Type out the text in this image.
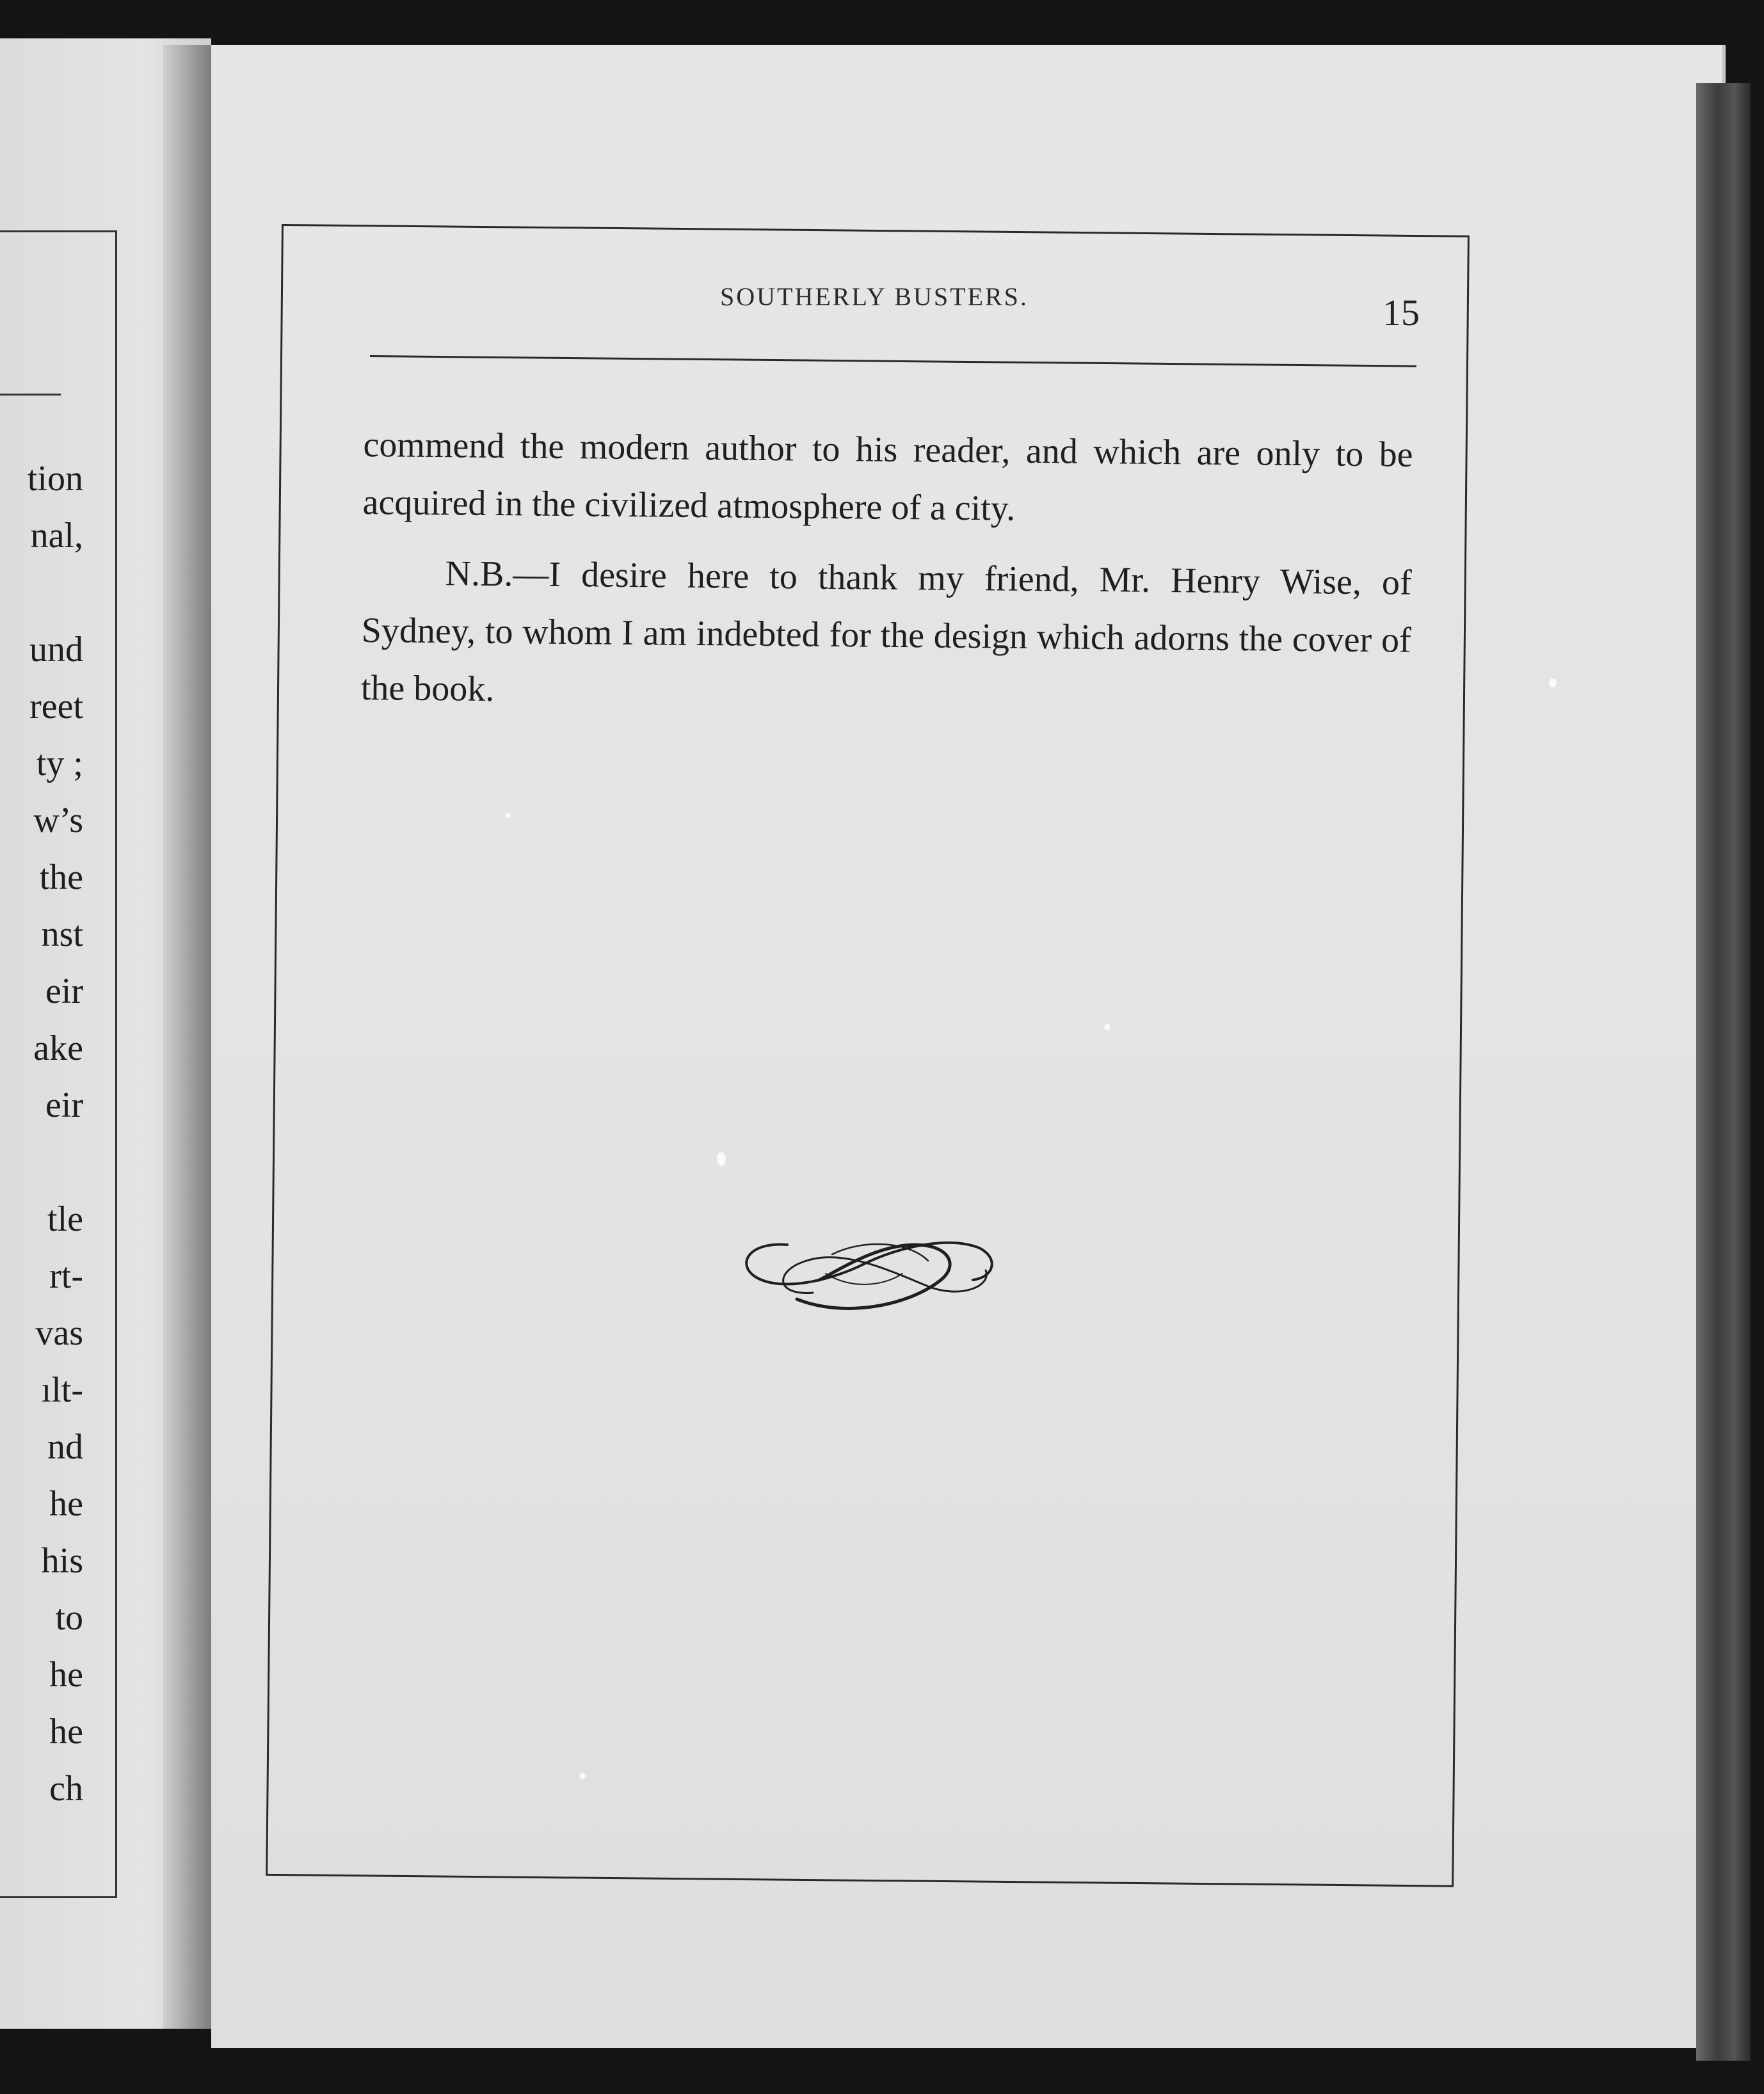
tion
nal,
und
reet
ty ;
w’s
the
nst
eir
ake
eir
tle
rt-
vas
ılt-
nd
he
his
to
he
he
ch
SOUTHERLY BUSTERS.	15

commend the modern author to his reader, and which are only to be acquired in the civilized atmosphere of a city.

N.B.—I desire here to thank my friend, Mr. Henry Wise, of Sydney, to whom I am indebted for the design which adorns the cover of the book.
